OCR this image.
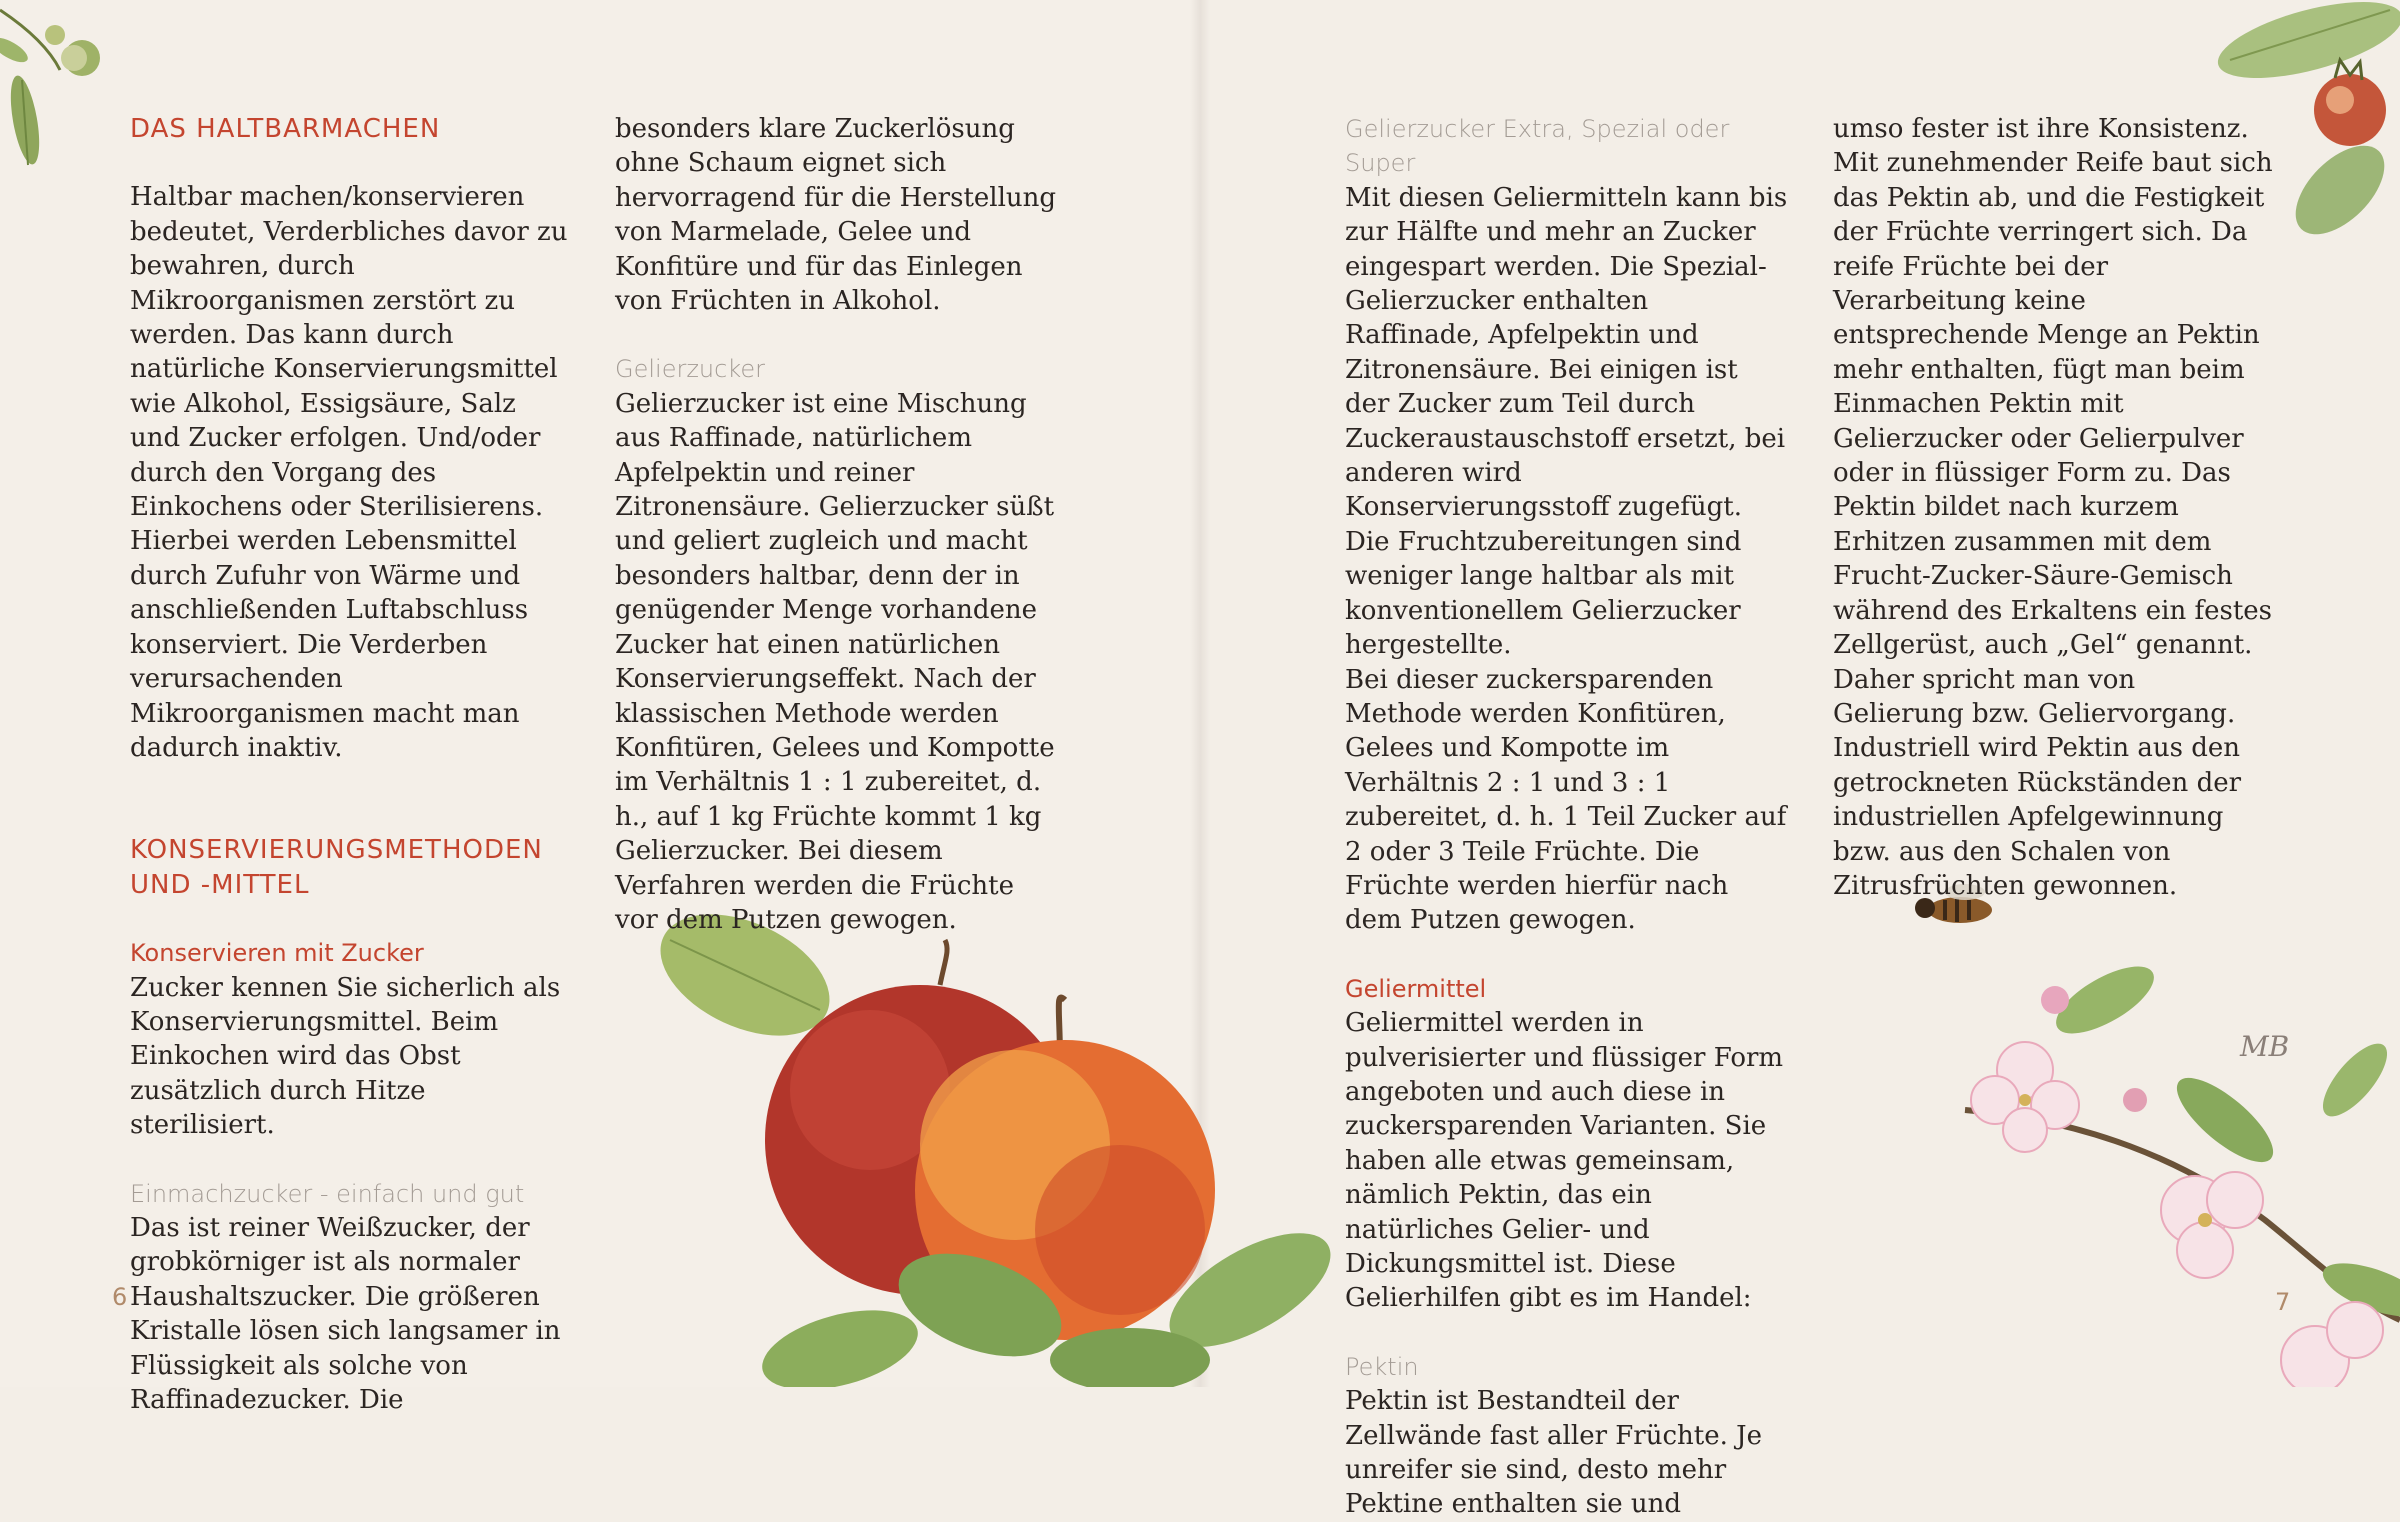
MB

DAS HALTBARMACHEN

Haltbar machen/konservieren bedeutet, Verderbliches davor zu bewahren, durch Mikroorganismen zerstört zu werden. Das kann durch natürliche Konservierungsmittel wie Alkohol, Essigsäure, Salz und Zucker erfolgen. Und/oder durch den Vorgang des Einkochens oder Sterilisierens. Hierbei werden Lebensmittel durch Zufuhr von Wärme und anschließenden Luftabschluss konserviert. Die Verderben verursachenden Mikroorganismen macht man dadurch inaktiv.

KONSERVIERUNGSMETHODEN UND -MITTEL

Konservieren mit Zucker

Zucker kennen Sie sicherlich als Konservierungsmittel. Beim Einkochen wird das Obst zusätzlich durch Hitze sterilisiert.

Einmachzucker - einfach und gut

Das ist reiner Weißzucker, der grobkörniger ist als normaler Haushaltszucker. Die größeren Kristalle lösen sich langsamer in Flüssigkeit als solche von Raffinadezucker. Die

besonders klare Zuckerlösung ohne Schaum eignet sich hervorragend für die Herstellung von Marmelade, Gelee und Konfitüre und für das Einlegen von Früchten in Alkohol.

Gelierzucker

Gelierzucker ist eine Mischung aus Raffinade, natürlichem Apfelpektin und reiner Zitronensäure. Gelierzucker süßt und geliert zugleich und macht besonders haltbar, denn der in genügender Menge vorhandene Zucker hat einen natürlichen Konservierungseffekt. Nach der klassischen Methode werden Konfitüren, Gelees und Kompotte im Verhältnis 1 : 1 zubereitet, d. h., auf 1 kg Früchte kommt 1 kg Gelierzucker. Bei diesem Verfahren werden die Früchte vor dem Putzen gewogen.

Gelierzucker Extra, Spezial oder Super

Mit diesen Geliermitteln kann bis zur Hälfte und mehr an Zucker eingespart werden. Die Spezial-Gelierzucker enthalten Raffinade, Apfelpektin und Zitronensäure. Bei einigen ist der Zucker zum Teil durch Zuckeraustauschstoff ersetzt, bei anderen wird Konservierungsstoff zugefügt. Die Fruchtzubereitungen sind weniger lange haltbar als mit konventionellem Gelierzucker hergestellte.

Bei dieser zuckersparenden Methode werden Konfitüren, Gelees und Kompotte im Verhältnis 2 : 1 und 3 : 1 zubereitet, d. h. 1 Teil Zucker auf 2 oder 3 Teile Früchte. Die Früchte werden hierfür nach dem Putzen gewogen.

Geliermittel

Geliermittel werden in pulverisierter und flüssiger Form angeboten und auch diese in zuckersparenden Varianten. Sie haben alle etwas gemeinsam, nämlich Pektin, das ein natürliches Gelier- und Dickungsmittel ist. Diese Gelierhilfen gibt es im Handel:

Pektin

Pektin ist Bestandteil der Zellwände fast aller Früchte. Je unreifer sie sind, desto mehr Pektine enthalten sie und

umso fester ist ihre Konsistenz. Mit zunehmender Reife baut sich das Pektin ab, und die Festigkeit der Früchte verringert sich. Da reife Früchte bei der Verarbeitung keine entsprechende Menge an Pektin mehr enthalten, fügt man beim Einmachen Pektin mit Gelierzucker oder Gelierpulver oder in flüssiger Form zu. Das Pektin bildet nach kurzem Erhitzen zusammen mit dem Frucht-Zucker-Säure-Gemisch während des Erkaltens ein festes Zellgerüst, auch „Gel“ genannt. Daher spricht man von Gelierung bzw. Geliervorgang. Industriell wird Pektin aus den getrockneten Rückständen der industriellen Apfelgewinnung bzw. aus den Schalen von Zitrusfrüchten gewonnen.

6	7
